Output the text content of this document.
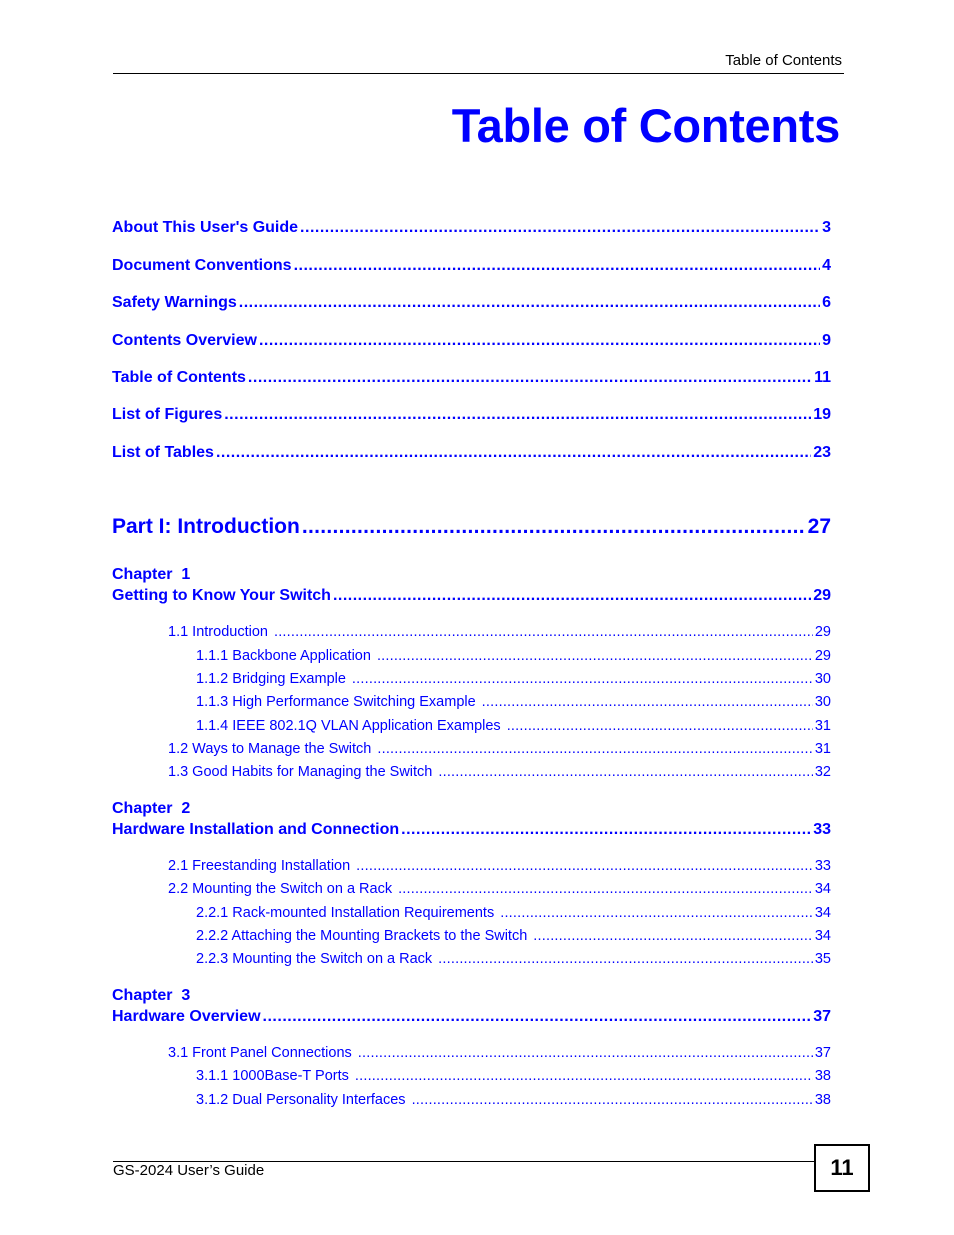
Table of Contents
Table of Contents
About This User's Guide .....	3
Document Conventions .....	4
Safety Warnings .....	6
Contents Overview .....	9
Table of Contents .....	11
List of Figures .....	19
List of Tables .....	23
Part I: Introduction .....	27
Chapter  1
Getting to Know Your Switch .....	29
1.1 Introduction .....	29
1.1.1 Backbone Application .....	29
1.1.2 Bridging Example .....	30
1.1.3 High Performance Switching Example .....	30
1.1.4 IEEE 802.1Q VLAN Application Examples .....	31
1.2 Ways to Manage the Switch .....	31
1.3 Good Habits for Managing the Switch .....	32
Chapter  2
Hardware Installation and Connection .....	33
2.1 Freestanding Installation .....	33
2.2 Mounting the Switch on a Rack .....	34
2.2.1 Rack-mounted Installation Requirements .....	34
2.2.2 Attaching the Mounting Brackets to the Switch .....	34
2.2.3 Mounting the Switch on a Rack .....	35
Chapter  3
Hardware Overview .....	37
3.1 Front Panel Connections .....	37
3.1.1 1000Base-T Ports .....	38
3.1.2 Dual Personality Interfaces .....	38
GS-2024 User’s Guide	11
